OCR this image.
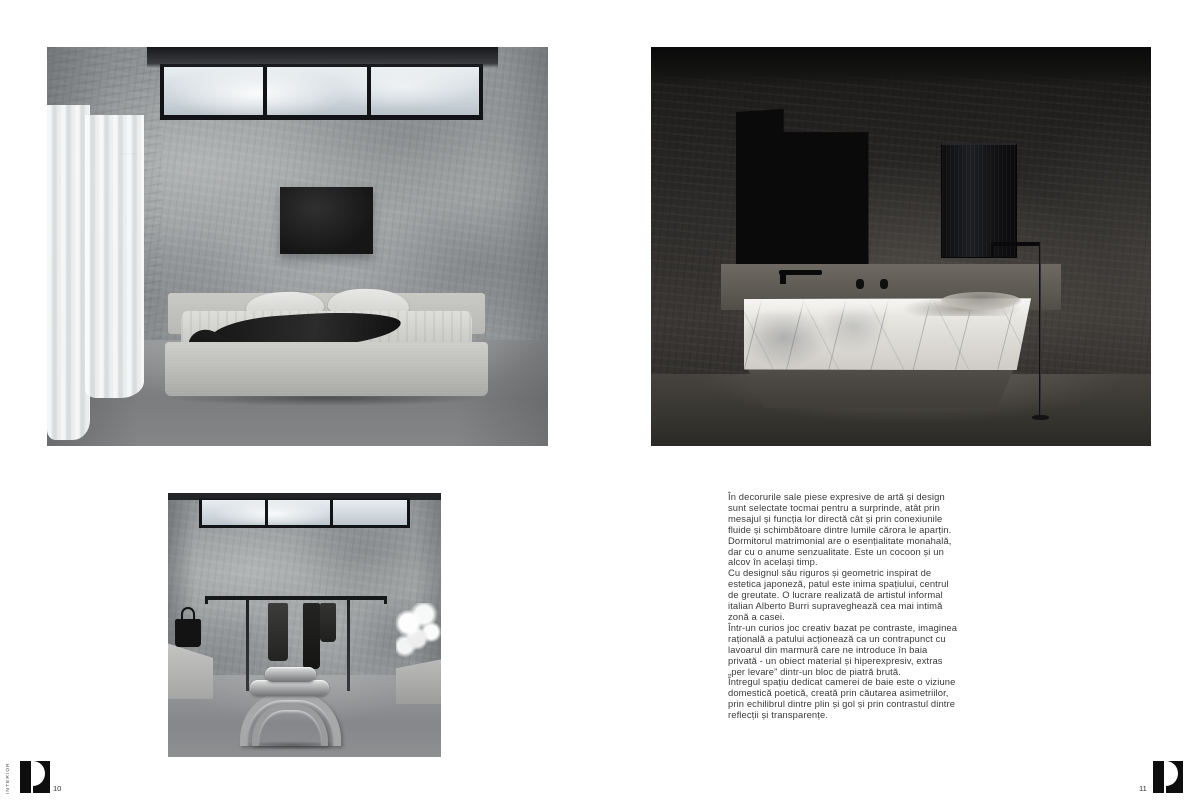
În decorurile sale piese expresive de artă și design sunt selectate tocmai pentru a surprinde, atât prin mesajul și funcția lor directă cât și prin conexiunile fluide și schimbătoare dintre lumile cărora le aparțin. Dormitorul matrimonial are o esențialitate monahală, dar cu o anume senzualitate. Este un cocoon și un alcov în același timp.

Cu designul său riguros și geometric inspirat de estetica japoneză, patul este inima spațiului, centrul de greutate. O lucrare realizată de artistul informal italian Alberto Burri supraveghează cea mai intimă zonă a casei.

Într-un curios joc creativ bazat pe contraste, imaginea rațională a patului acționează ca un contrapunct cu lavoarul din marmură care ne introduce în baia privată - un obiect material și hiperexpresiv, extras „per levare” dintr-un bloc de piatră brută.

Întregul spațiu dedicat camerei de baie este o viziune domestică poetică, creată prin căutarea asimetriilor, prin echilibrul dintre plin și gol și prin contrastul dintre reflecții și transparențe.

INTERIOR	10	11
